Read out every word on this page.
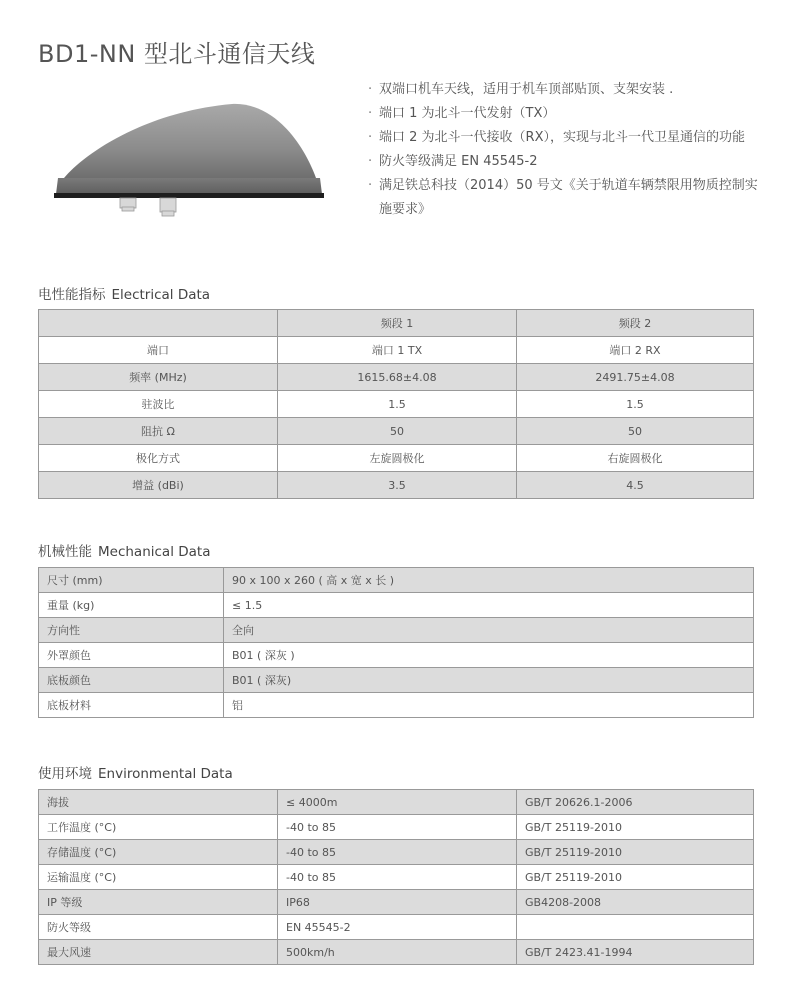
BD1-NN 型北斗通信天线
· 双端口机车天线，适用于机车顶部贴顶、支架安装 .
· 端口 1 为北斗一代发射（TX）
· 端口 2 为北斗一代接收（RX），实现与北斗一代卫星通信的功能
· 防火等级满足 EN 45545-2
· 满足铁总科技（2014）50 号文《关于轨道车辆禁限用物质控制实施要求》
电性能指标 Electrical Data
	频段 1	频段 2
端口	端口 1 TX	端口 2 RX
频率 (MHz)	1615.68±4.08	2491.75±4.08
驻波比	1.5	1.5
阻抗 Ω	50	50
极化方式	左旋圆极化	右旋圆极化
增益 (dBi)	3.5	4.5
机械性能 Mechanical Data
尺寸 (mm)	90 x 100 x 260 ( 高 x 宽 x 长 )
重量 (kg)	≤ 1.5
方向性	全向
外罩颜色	B01 ( 深灰 )
底板颜色	B01 ( 深灰)
底板材料	铝
使用环境 Environmental Data
海拔	≤ 4000m	GB/T 20626.1-2006
工作温度 (°C)	-40 to 85	GB/T 25119-2010
存储温度 (°C)	-40 to 85	GB/T 25119-2010
运输温度 (°C)	-40 to 85	GB/T 25119-2010
IP 等级	IP68	GB4208-2008
防火等级	EN 45545-2	
最大风速	500km/h	GB/T 2423.41-1994
